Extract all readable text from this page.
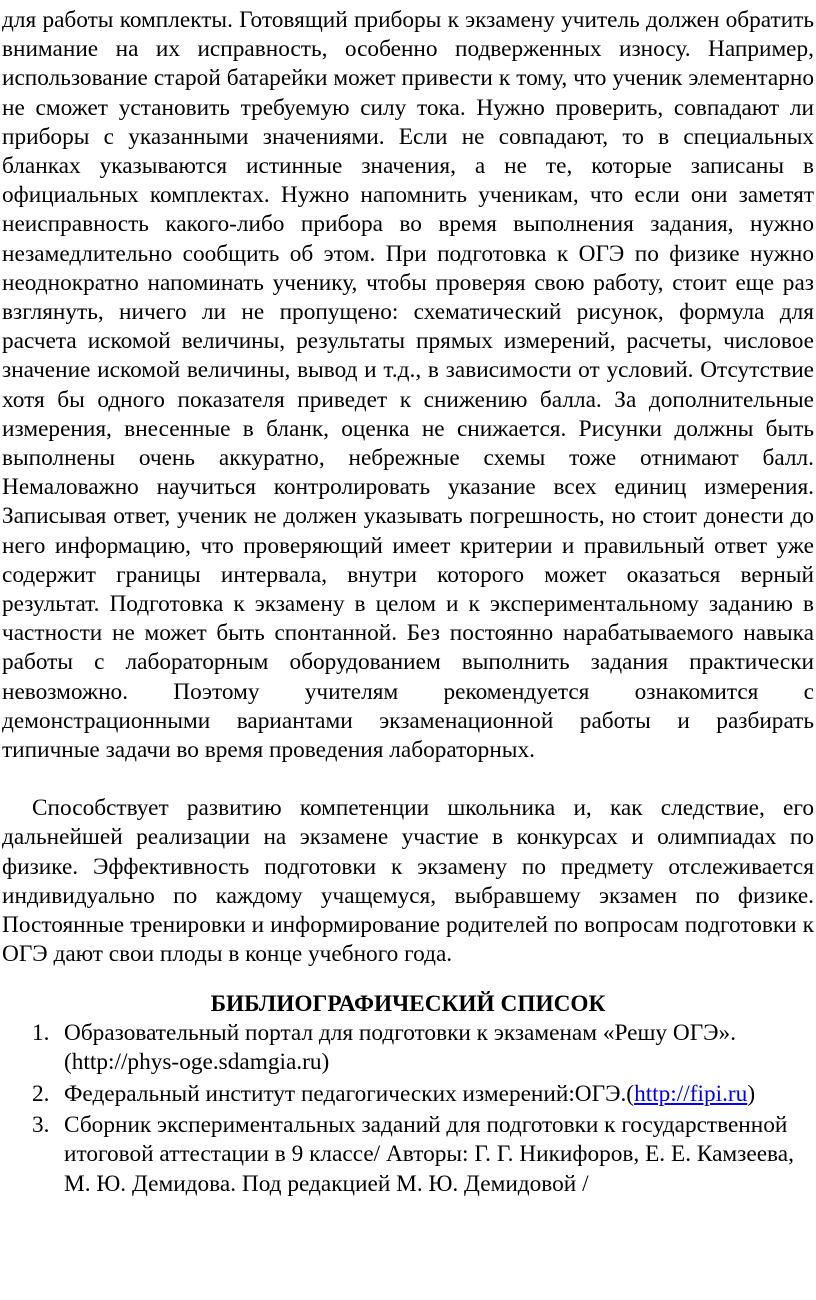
для работы комплекты. Готовящий приборы к экзамену учитель должен обратить внимание на их исправность, особенно подверженных износу. Например, использование старой батарейки может привести к тому, что ученик элементарно не сможет установить требуемую силу тока. Нужно проверить, совпадают ли приборы с указанными значениями. Если не совпадают, то в специальных бланках указываются истинные значения, а не те, которые записаны в официальных комплектах. Нужно напомнить ученикам, что если они заметят неисправность какого-либо прибора во время выполнения задания, нужно незамедлительно сообщить об этом. При подготовка к ОГЭ по физике нужно неоднократно напоминать ученику, чтобы проверяя свою работу, стоит еще раз взглянуть, ничего ли не пропущено: схематический рисунок, формула для расчета искомой величины, результаты прямых измерений, расчеты, числовое значение искомой величины, вывод и т.д., в зависимости от условий. Отсутствие хотя бы одного показателя приведет к снижению балла. За дополнительные измерения, внесенные в бланк, оценка не снижается. Рисунки должны быть выполнены очень аккуратно, небрежные схемы тоже отнимают балл. Немаловажно научиться контролировать указание всех единиц измерения. Записывая ответ, ученик не должен указывать погрешность, но стоит донести до него информацию, что проверяющий имеет критерии и правильный ответ уже содержит границы интервала, внутри которого может оказаться верный результат. Подготовка к экзамену в целом и к экспериментальному заданию в частности не может быть спонтанной. Без постоянно нарабатываемого навыка работы с лабораторным оборудованием выполнить задания практически невозможно. Поэтому учителям рекомендуется ознакомится с демонстрационными вариантами экзаменационной работы и разбирать типичные задачи во время проведения лабораторных.

Способствует развитию компетенции школьника и, как следствие, его дальнейшей реализации на экзамене участие в конкурсах и олимпиадах по физике. Эффективность подготовки к экзамену по предмету отслеживается индивидуально по каждому учащемуся, выбравшему экзамен по физике. Постоянные тренировки и информирование родителей по вопросам подготовки к ОГЭ дают свои плоды в конце учебного года.

БИБЛИОГРАФИЧЕСКИЙ СПИСОК
1. Образовательный портал для подготовки к экзаменам «Решу ОГЭ». (http://phys-oge.sdamgia.ru)
2. Федеральный институт педагогических измерений:ОГЭ.(http://fipi.ru)
3. Сборник экспериментальных заданий для подготовки к государственной итоговой аттестации в 9 классе/ Авторы: Г. Г. Никифоров, Е. Е. Камзеева, М. Ю. Демидова. Под редакцией М. Ю. Демидовой /
